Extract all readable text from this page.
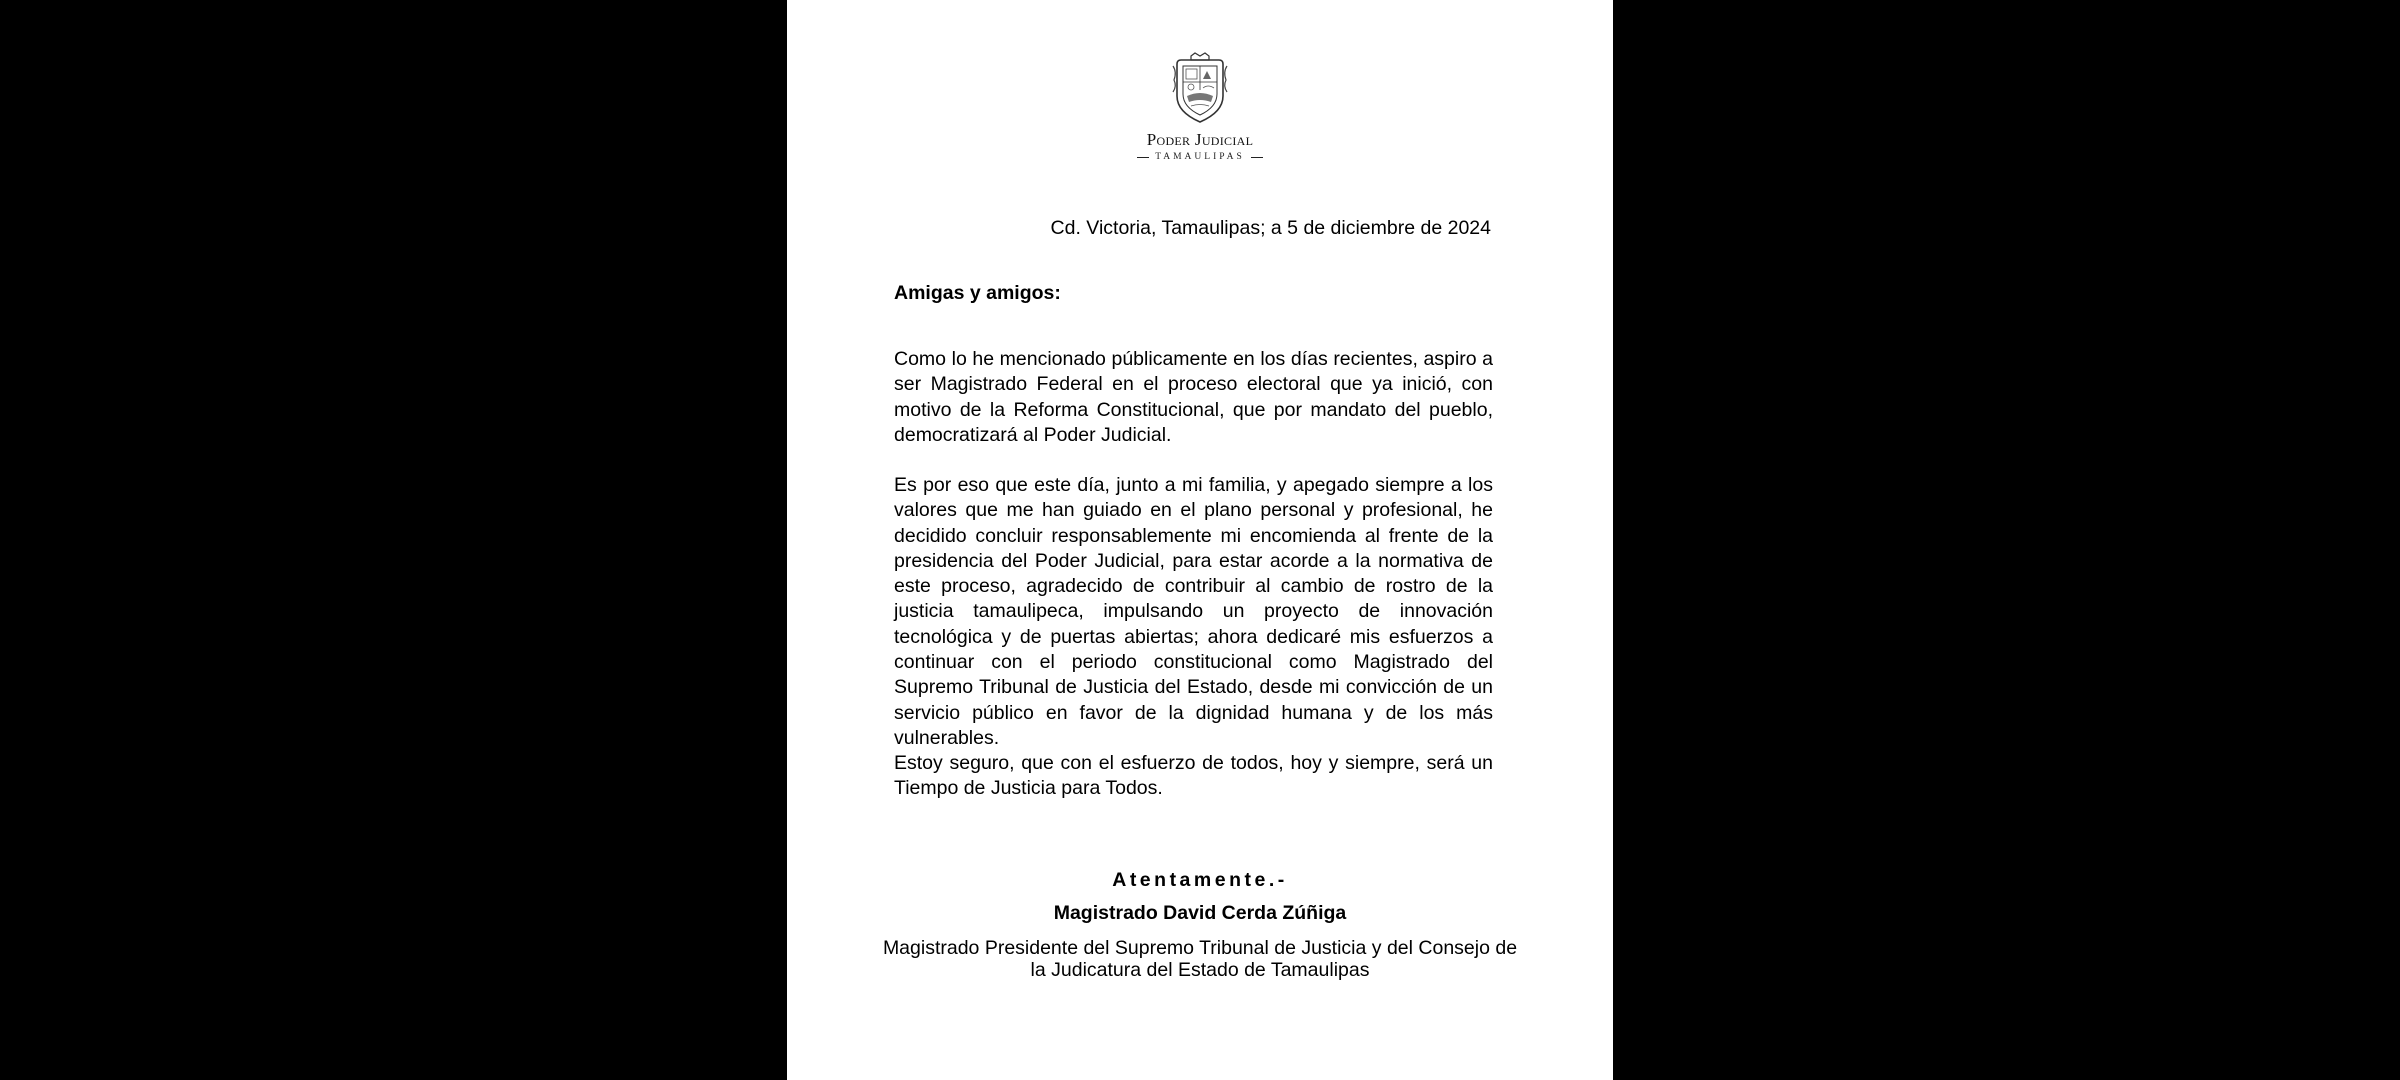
Poder Judicial
TAMAULIPAS
Cd. Victoria, Tamaulipas; a 5 de diciembre de 2024
Amigas y amigos:
Como lo he mencionado públicamente en los días recientes, aspiro a ser Magistrado Federal en el proceso electoral que ya inició, con motivo de la Reforma Constitucional, que por mandato del pueblo, democratizará al Poder Judicial.
Es por eso que este día, junto a mi familia, y apegado siempre a los valores que me han guiado en el plano personal y profesional, he decidido concluir responsablemente mi encomienda al frente de la presidencia del Poder Judicial, para estar acorde a la normativa de este proceso, agradecido de contribuir al cambio de rostro de la justicia tamaulipeca, impulsando un proyecto de innovación tecnológica y de puertas abiertas; ahora dedicaré mis esfuerzos a continuar con el periodo constitucional como Magistrado del Supremo Tribunal de Justicia del Estado, desde mi convicción de un servicio público en favor de la dignidad humana y de los más vulnerables.
Estoy seguro, que con el esfuerzo de todos, hoy y siempre, será un Tiempo de Justicia para Todos.
Atentamente.-
Magistrado David Cerda Zúñiga
Magistrado Presidente del Supremo Tribunal de Justicia y del Consejo de la Judicatura del Estado de Tamaulipas
